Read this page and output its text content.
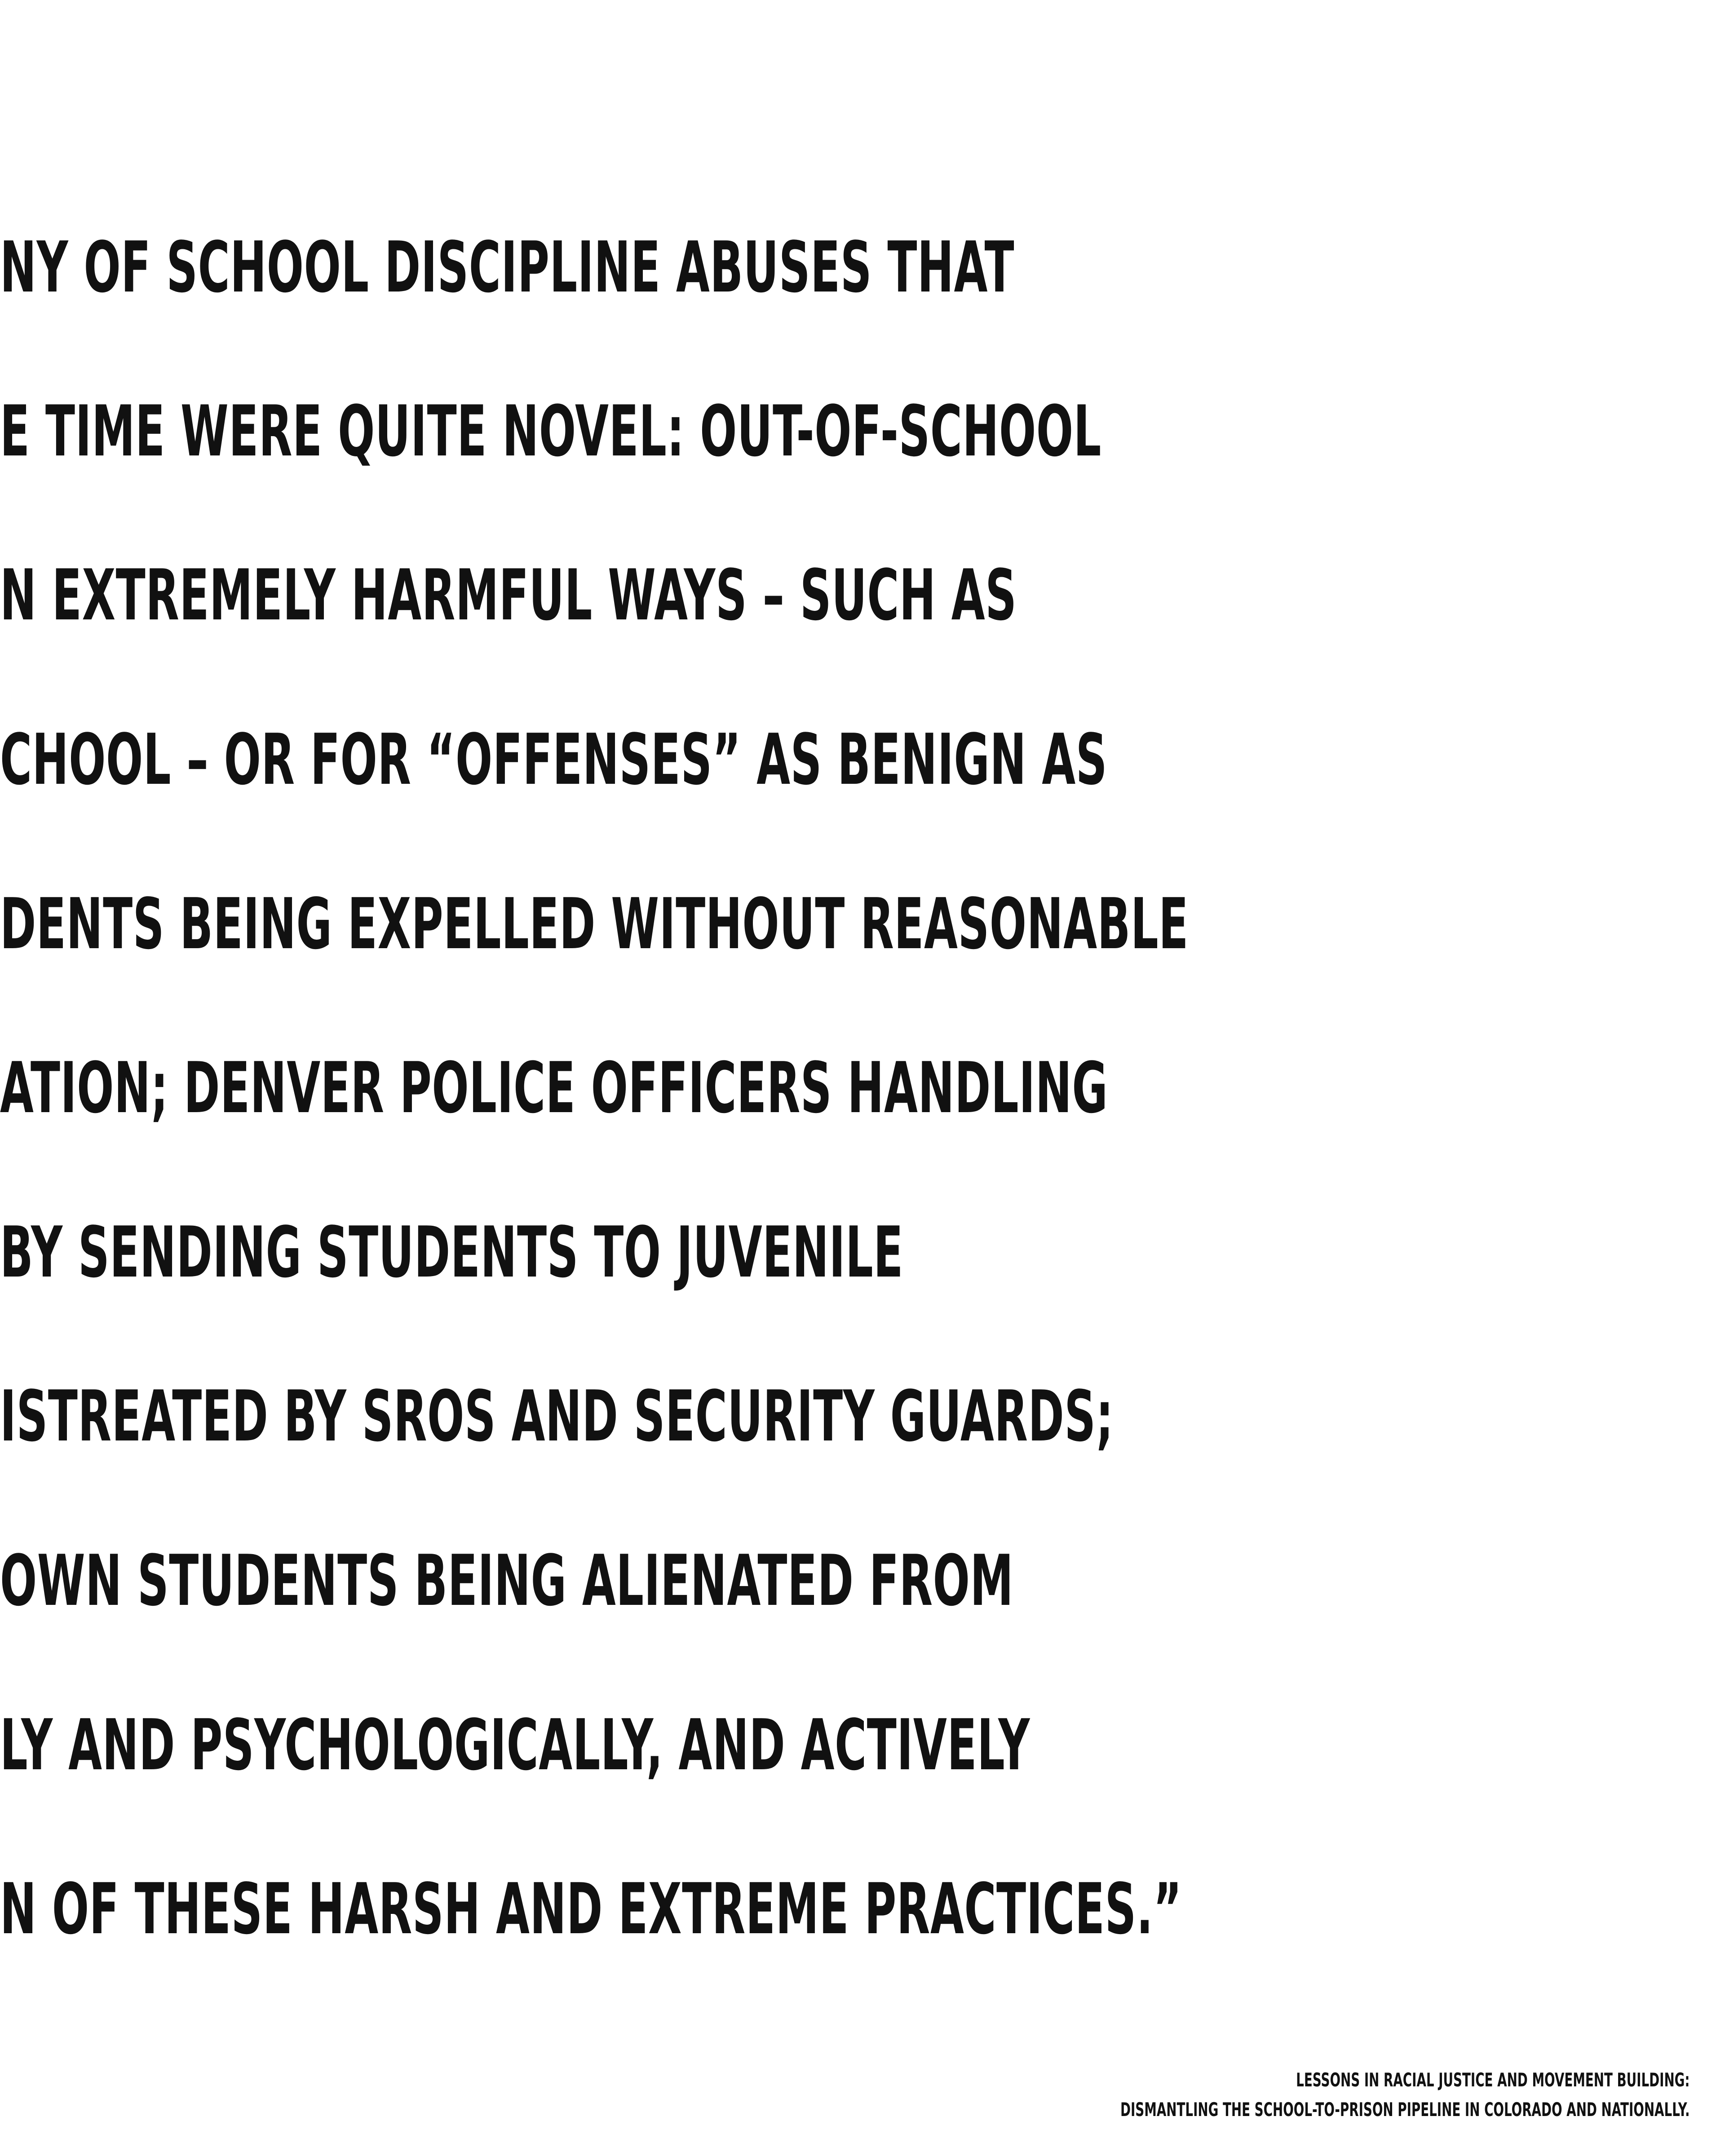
NY OF SCHOOL DISCIPLINE ABUSES THAT

E TIME WERE QUITE NOVEL: OUT-OF-SCHOOL

N EXTREMELY HARMFUL WAYS – SUCH AS

CHOOL – OR FOR “OFFENSES” AS BENIGN AS

DENTS BEING EXPELLED WITHOUT REASONABLE

ATION; DENVER POLICE OFFICERS HANDLING

BY SENDING STUDENTS TO JUVENILE

ISTREATED BY SROS AND SECURITY GUARDS;

OWN STUDENTS BEING ALIENATED FROM

LY AND PSYCHOLOGICALLY, AND ACTIVELY

N OF THESE HARSH AND EXTREME PRACTICES.”

LESSONS IN RACIAL JUSTICE AND MOVEMENT BUILDING:
DISMANTLING THE SCHOOL-TO-PRISON PIPELINE IN COLORADO AND NATIONALLY.
